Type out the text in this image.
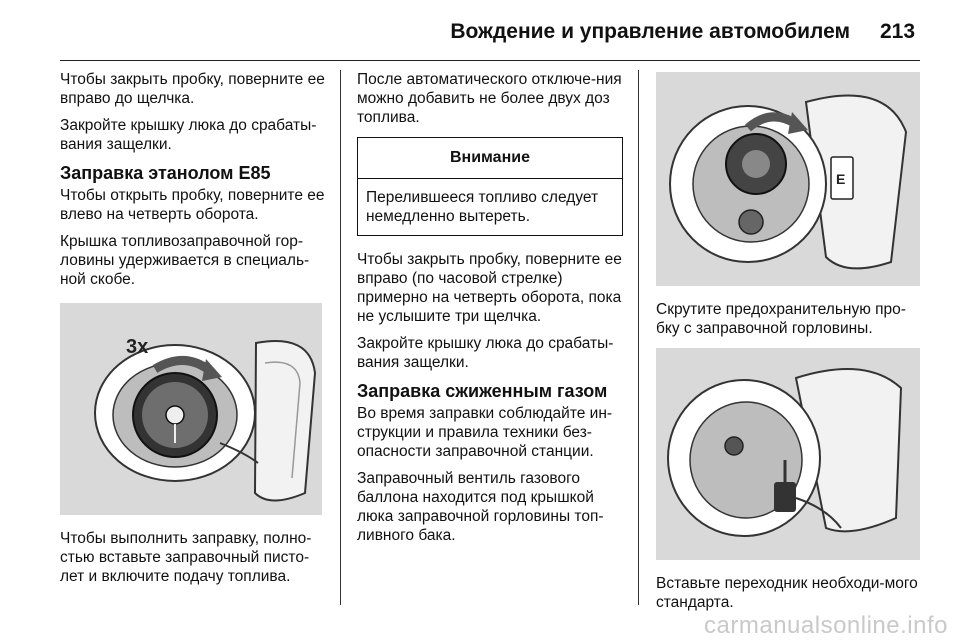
Вождение и управление автомобилем 213

Чтобы закрыть пробку, поверните ее вправо до щелчка.

Закройте крышку люка до срабаты-вания защелки.

Заправка этанолом E85

Чтобы открыть пробку, поверните ее влево на четверть оборота.

Крышка топливозаправочной гор-ловины удерживается в специаль-ной скобе.

3x

Чтобы выполнить заправку, полно-стью вставьте заправочный писто-лет и включите подачу топлива.

После автоматического отключе-ния можно добавить не более двух доз топлива.

Внимание
Перелившееся топливо следует немедленно вытереть.

Чтобы закрыть пробку, поверните ее вправо (по часовой стрелке) примерно на четверть оборота, пока не услышите три щелчка.

Закройте крышку люка до срабаты-вания защелки.

Заправка сжиженным газом

Во время заправки соблюдайте ин-струкции и правила техники без-опасности заправочной станции.

Заправочный вентиль газового баллона находится под крышкой люка заправочной горловины топ-ливного бака.

E

Скрутите предохранительную про-бку с заправочной горловины.

Вставьте переходник необходи-мого стандарта.

carmanualsonline.info
